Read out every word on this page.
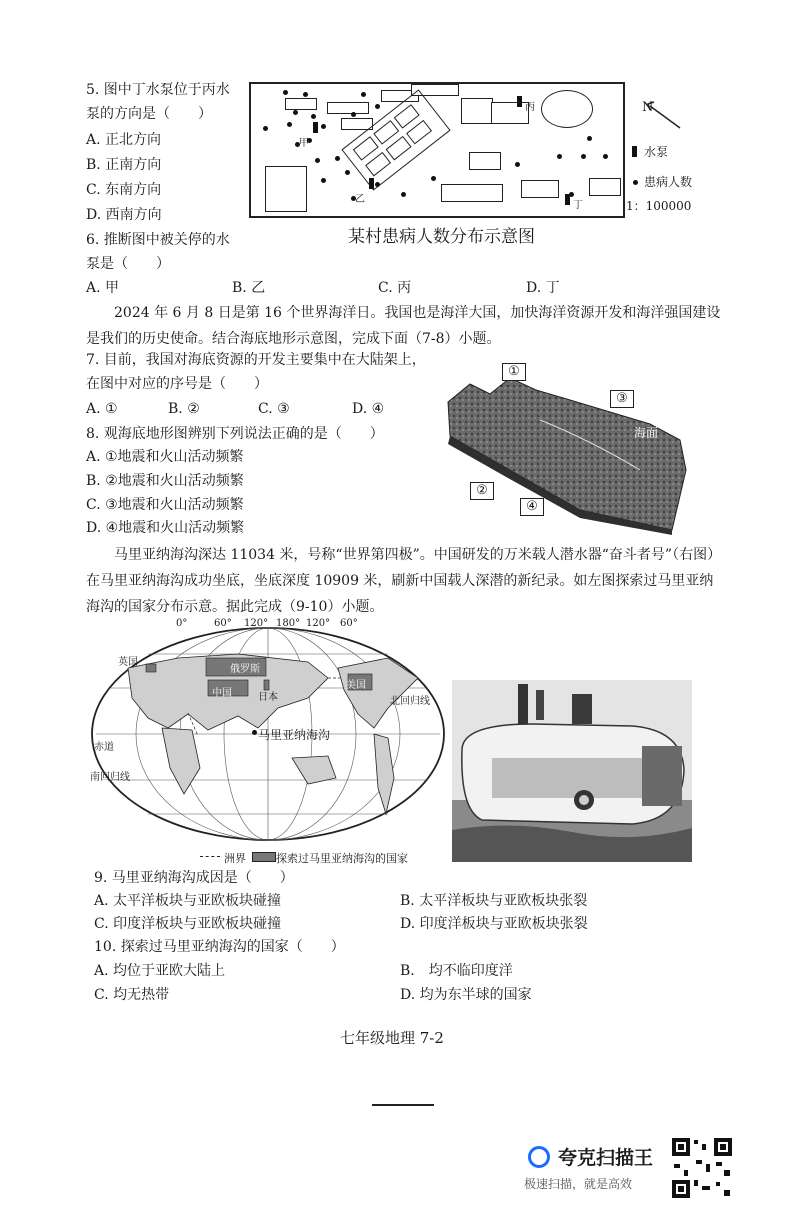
5. 图中丁水泵位于丙水
泵的方向是（　　）
A. 正北方向
B. 正南方向
C. 东南方向
D. 西南方向
甲
乙
丙
丁
N
水泵
患病人数
1：100000
某村患病人数分布示意图
6. 推断图中被关停的水
泵是（　　）
A. 甲	B. 乙	C. 丙	D. 丁
2024 年 6 月 8 日是第 16 个世界海洋日。我国也是海洋大国，加快海洋资源开发和海洋强国建设是我们的历史使命。结合海底地形示意图，完成下面（7-8）小题。
7. 目前，我国对海底资源的开发主要集中在大陆架上，
在图中对应的序号是（　　）
A. ①	B. ②	C. ③	D. ④
8. 观海底地形图辨别下列说法正确的是（　　）
A. ①地震和火山活动频繁
B. ②地震和火山活动频繁
C. ③地震和火山活动频繁
D. ④地震和火山活动频繁
①
③
②
④
海面
马里亚纳海沟深达 11034 米，号称“世界第四极”。中国研发的万米载人潜水器“奋斗者号”（右图）在马里亚纳海沟成功坐底，坐底深度 10909 米，刷新中国载人深潜的新纪录。如左图探索过马里亚纳海沟的国家分布示意。据此完成（9-10）小题。
0°	60° 120° 180° 120° 60°
英国
俄罗斯
美国
中国	日本	北回归线
马里亚纳海沟
赤道
南回归线
洲界	探索过马里亚纳海沟的国家
9. 马里亚纳海沟成因是（　　）
A. 太平洋板块与亚欧板块碰撞	B. 太平洋板块与亚欧板块张裂
C. 印度洋板块与亚欧板块碰撞	D. 印度洋板块与亚欧板块张裂
10. 探索过马里亚纳海沟的国家（　　）
A. 均位于亚欧大陆上	B.　均不临印度洋
C. 均无热带	D. 均为东半球的国家
七年级地理 7-2
夸克扫描王
极速扫描，就是高效
